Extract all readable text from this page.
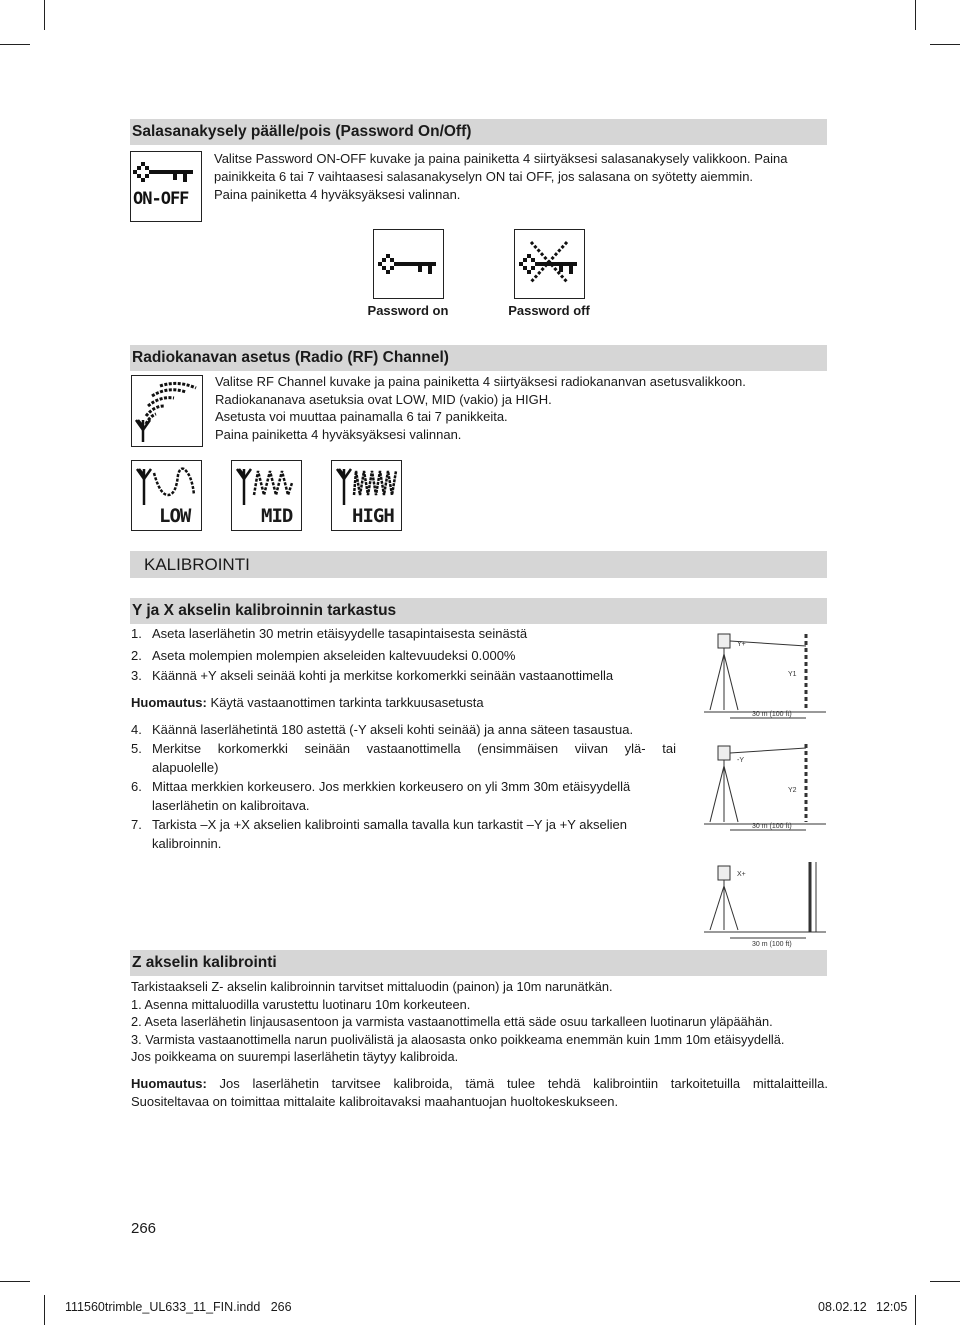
Salasanakysely päälle/pois (Password On/Off)
ON-OFF
Valitse Password ON-OFF kuvake ja paina painiketta 4 siirtyäksesi salasanakysely valikkoon. Paina
painikkeita 6 tai 7 vaihtaasesi salasanakyselyn ON tai OFF, jos salasana on syötetty aiemmin.
Paina painiketta 4 hyväksyäksesi valinnan.
Password on	Password off
Radiokanavan asetus (Radio (RF) Channel)
Valitse RF Channel kuvake ja paina painiketta 4 siirtyäksesi radiokananvan asetusvalikkoon.
Radiokananava asetuksia ovat LOW, MID (vakio) ja HIGH.
Asetusta voi muuttaa painamalla 6 tai 7 panikkeita.
Paina painiketta 4 hyväksyäksesi valinnan.
LOW	MID	HIGH
KALIBROINTI
Y ja X akselin kalibroinnin tarkastus
1. Aseta laserlähetin 30 metrin etäisyydelle tasapintaisesta seinästä
2. Aseta molempien molempien akseleiden kaltevuudeksi 0.000%
3. Käännä +Y akseli seinää kohti ja merkitse korkomerkki seinään vastaanottimella
Huomautus: Käytä vastaanottimen tarkinta tarkkuusasetusta
4. Käännä laserlähetintä 180 astettä (-Y akseli kohti seinää) ja anna säteen tasaustua.
5. Merkitse korkomerkki seinään vastaanottimella (ensimmäisen viivan ylä- tai
alapuolelle)
6. Mittaa merkkien korkeusero. Jos merkkien korkeusero on yli 3mm 30m etäisyydellä
laserlähetin on kalibroitava.
7. Tarkista –X ja +X akselien kalibrointi samalla tavalla kun tarkastit –Y ja +Y akselien
kalibroinnin.
Y+
Y1
30 m (100 ft)
-Y
Y2
30 m (100 ft)
X+
30 m (100 ft)
Z akselin kalibrointi
Tarkistaakseli Z- akselin kalibroinnin tarvitset mittaluodin (painon) ja 10m narunätkän.
1. Asenna mittaluodilla varustettu luotinaru 10m korkeuteen.
2. Aseta laserlähetin linjausasentoon ja varmista vastaanottimella että säde osuu tarkalleen luotinarun yläpäähän.
3. Varmista vastaanottimella narun puolivälistä ja alaosasta onko poikkeama enemmän kuin 1mm 10m etäisyydellä.
Jos poikkeama on suurempi laserlähetin täytyy kalibroida.
Huomautus: Jos laserlähetin tarvitsee kalibroida, tämä tulee tehdä kalibrointiin tarkoitetuilla mittalaitteilla.
Suositeltavaa on toimittaa mittalaite kalibroitavaksi maahantuojan huoltokeskukseen.
266
111560trimble_UL633_11_FIN.indd   266	08.02.12 12:05
